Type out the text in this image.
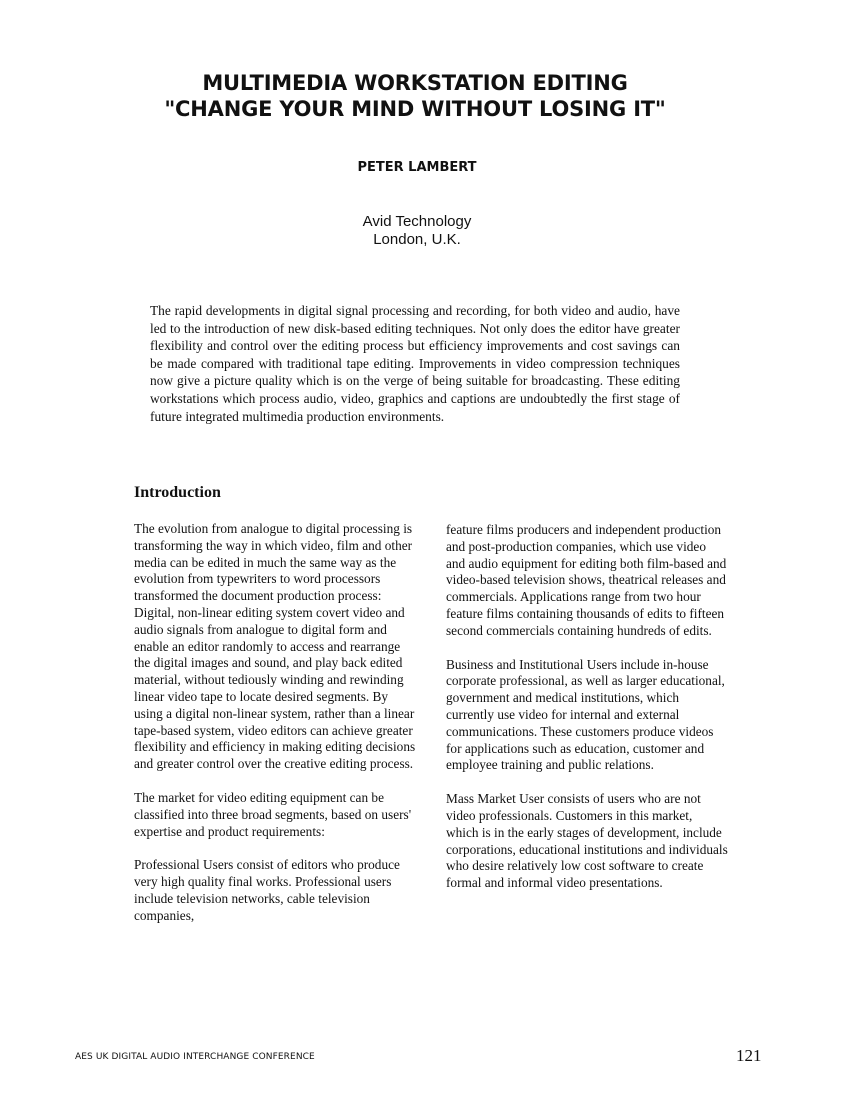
MULTIMEDIA WORKSTATION EDITING
"CHANGE YOUR MIND WITHOUT LOSING IT"
PETER LAMBERT
Avid Technology
London, U.K.
The rapid developments in digital signal processing and recording, for both video and audio, have led to the introduction of new disk-based editing techniques. Not only does the editor have greater flexibility and control over the editing process but efficiency improvements and cost savings can be made compared with traditional tape editing. Improvements in video compression techniques now give a picture quality which is on the verge of being suitable for broadcasting. These editing workstations which process audio, video, graphics and captions are undoubtedly the first stage of future integrated multimedia production environments.
Introduction

The evolution from analogue to digital processing is transforming the way in which video, film and other media can be edited in much the same way as the evolution from typewriters to word processors transformed the document production process: Digital, non-linear editing system covert video and audio signals from analogue to digital form and enable an editor randomly to access and rearrange the digital images and sound, and play back edited material, without tediously winding and rewinding linear video tape to locate desired segments. By using a digital non-linear system, rather than a linear tape-based system, video editors can achieve greater flexibility and efficiency in making editing decisions and greater control over the creative editing process.

The market for video editing equipment can be classified into three broad segments, based on users' expertise and product requirements:

Professional Users consist of editors who produce very high quality final works. Professional users include television networks, cable television companies,

feature films producers and independent production and post-production companies, which use video and audio equipment for editing both film-based and video-based television shows, theatrical releases and commercials. Applications range from two hour feature films containing thousands of edits to fifteen second commercials containing hundreds of edits.

Business and Institutional Users include in-house corporate professional, as well as larger educational, government and medical institutions, which currently use video for internal and external communications. These customers produce videos for applications such as education, customer and employee training and public relations.

Mass Market User consists of users who are not video professionals. Customers in this market, which is in the early stages of development, include corporations, educational institutions and individuals who desire relatively low cost software to create formal and informal video presentations.

AES UK DIGITAL AUDIO INTERCHANGE CONFERENCE	121
